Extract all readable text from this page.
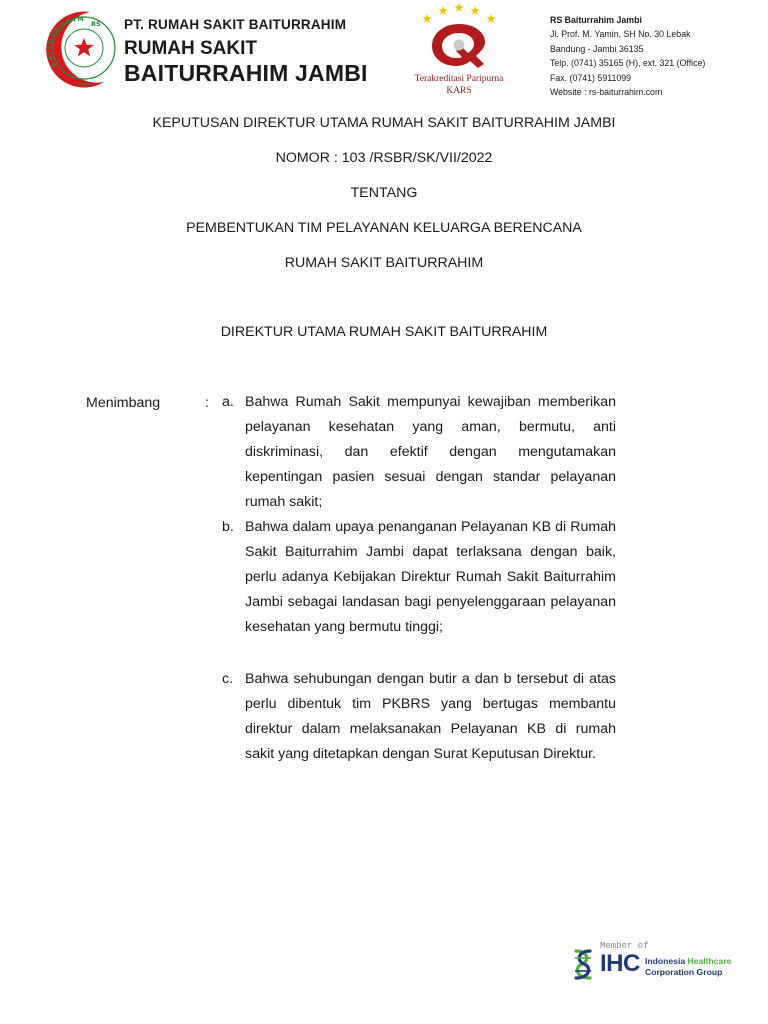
BAITURRAHIM
RS
JAMBI
PT. RUMAH SAKIT BAITURRAHIM
RUMAH SAKIT
BAITURRAHIM JAMBI	Terakreditasi Paripurna
KARS
RS Baiturrahim Jambi
Jl. Prof. M. Yamin, SH No. 30 Lebak
Bandung - Jambi 36135
Telp. (0741) 35165 (H), ext. 321 (Office)
Fax. (0741) 5911099
Website : rs-baiturrahim.com
KEPUTUSAN DIREKTUR UTAMA RUMAH SAKIT BAITURRAHIM JAMBI
NOMOR : 103 /RSBR/SK/VII/2022
TENTANG
PEMBENTUKAN TIM PELAYANAN KELUARGA BERENCANA
RUMAH SAKIT BAITURRAHIM
DIREKTUR UTAMA RUMAH SAKIT BAITURRAHIM
Menimbang	: a. Bahwa Rumah Sakit mempunyai kewajiban memberikan pelayanan kesehatan yang aman, bermutu, anti diskriminasi, dan efektif dengan mengutamakan kepentingan pasien sesuai dengan standar pelayanan rumah sakit;
b. Bahwa dalam upaya penanganan Pelayanan KB di Rumah Sakit Baiturrahim Jambi dapat terlaksana dengan baik, perlu adanya Kebijakan Direktur Rumah Sakit Baiturrahim Jambi sebagai landasan bagi penyelenggaraan pelayanan kesehatan yang bermutu tinggi;
c. Bahwa sehubungan dengan butir a dan b tersebut di atas perlu dibentuk tim PKBRS yang bertugas membantu direktur dalam melaksanakan Pelayanan KB di rumah sakit yang ditetapkan dengan Surat Keputusan Direktur.
Member of
IHC Indonesia Healthcare
Corporation Group
